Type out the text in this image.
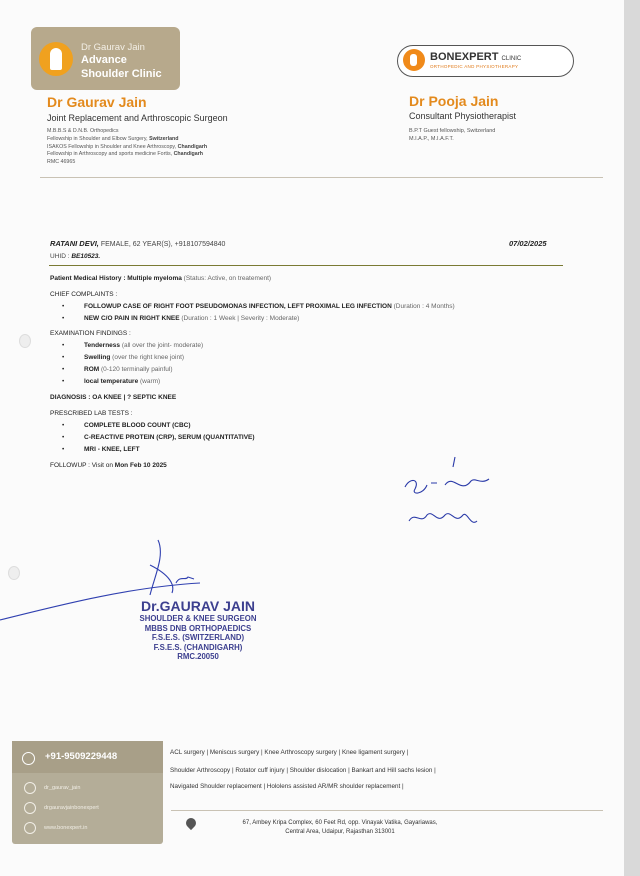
Dr Gaurav Jain
Advance
Shoulder Clinic
BONEXPERT CLINIC
ORTHOPEDIC AND PHYSIOTHERAPY
Dr Gaurav Jain
Joint Replacement and Arthroscopic Surgeon
M.B.B.S & D.N.B. Orthopedics
Fellowship in Shoulder and Elbow Surgery, Switzerland
ISAKOS Fellowship in Shoulder and Knee Arthroscopy, Chandigarh
Fellowship in Arthroscopy and sports medicine Fortis, Chandigarh
RMC 46965
Dr Pooja Jain
Consultant Physiotherapist
B.P.T Guest fellowship, Switzerland
M.I.A.P., M.I.A.F.T.
RATANI DEVI, FEMALE, 62 YEAR(S), +918107594840	07/02/2025
UHID : BE10523.
Patient Medical History : Multiple myeloma (Status: Active, on treatement)
CHIEF COMPLAINTS :
•	FOLLOWUP CASE OF RIGHT FOOT PSEUDOMONAS INFECTION, LEFT PROXIMAL LEG INFECTION (Duration : 4 Months)
•	NEW C/O PAIN IN RIGHT KNEE (Duration : 1 Week | Severity : Moderate)
EXAMINATION FINDINGS :
•	Tenderness (all over the joint- moderate)
•	Swelling (over the right knee joint)
•	ROM (0-120 terminally painful)
•	local temperature (warm)
DIAGNOSIS : OA KNEE | ? SEPTIC KNEE
PRESCRIBED LAB TESTS :
•	COMPLETE BLOOD COUNT (CBC)
•	C-REACTIVE PROTEIN (CRP), SERUM (QUANTITATIVE)
•	MRI - KNEE, LEFT
FOLLOWUP : Visit on Mon Feb 10 2025
Dr.GAURAV JAIN
SHOULDER & KNEE SURGEON
MBBS DNB ORTHOPAEDICS
F.S.E.S. (SWITZERLAND)
F.S.E.S. (CHANDIGARH)
RMC.20050
+91-9509229448
dr_gaurav_jain
drgauravjainbonexpert
www.bonexpert.in
ACL surgery | Meniscus surgery | Knee Arthroscopy surgery | Knee ligament surgery |
Shoulder Arthroscopy | Rotator cuff injury | Shoulder dislocation | Bankart and Hill sachs lesion |
Navigated Shoulder replacement | Hololens assisted AR/MR shoulder replacement |
67, Ambey Kripa Complex, 60 Feet Rd, opp. Vinayak Vatika, Gayariawas,
Central Area, Udaipur, Rajasthan 313001
